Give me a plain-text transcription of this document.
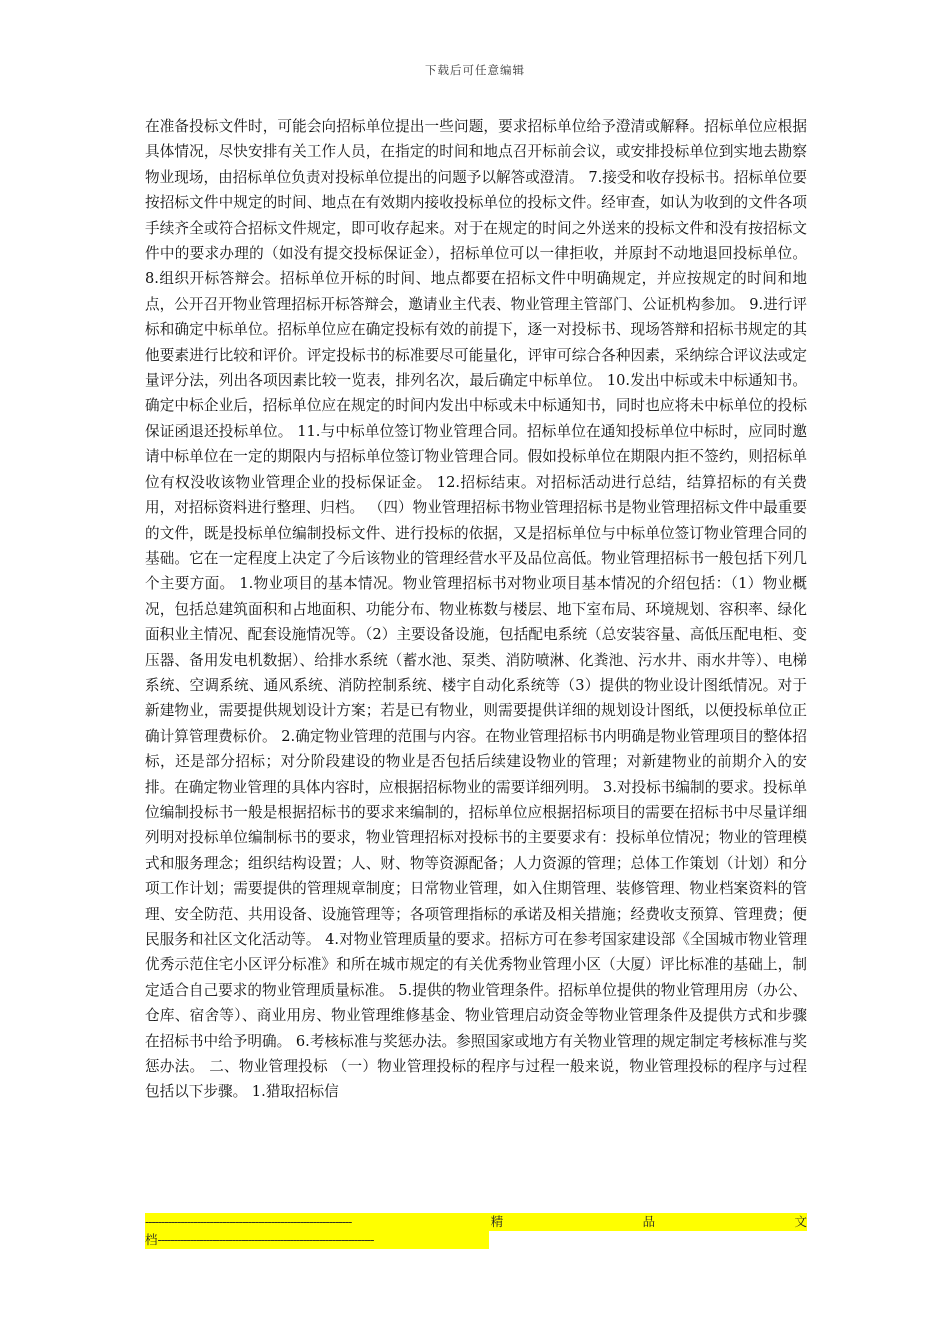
下载后可任意编辑
在准备投标文件时，可能会向招标单位提出一些问题，要求招标单位给予澄清或解释。招标单位应根据具体情况，尽快安排有关工作人员，在指定的时间和地点召开标前会议，或安排投标单位到实地去勘察物业现场，由招标单位负责对投标单位提出的问题予以解答或澄清。 7.接受和收存投标书。招标单位要按招标文件中规定的时间、地点在有效期内接收投标单位的投标文件。经审查，如认为收到的文件各项手续齐全或符合招标文件规定，即可收存起来。对于在规定的时间之外送来的投标文件和没有按招标文件中的要求办理的（如没有提交投标保证金），招标单位可以一律拒收，并原封不动地退回投标单位。 8.组织开标答辩会。招标单位开标的时间、地点都要在招标文件中明确规定，并应按规定的时间和地点，公开召开物业管理招标开标答辩会，邀请业主代表、物业管理主管部门、公证机构参加。 9.进行评标和确定中标单位。招标单位应在确定投标有效的前提下，逐一对投标书、现场答辩和招标书规定的其他要素进行比较和评价。评定投标书的标准要尽可能量化，评审可综合各种因素，采纳综合评议法或定量评分法，列出各项因素比较一览表，排列名次，最后确定中标单位。 10.发出中标或未中标通知书。确定中标企业后，招标单位应在规定的时间内发出中标或未中标通知书，同时也应将未中标单位的投标保证函退还投标单位。 11.与中标单位签订物业管理合同。招标单位在通知投标单位中标时，应同时邀请中标单位在一定的期限内与招标单位签订物业管理合同。假如投标单位在期限内拒不签约，则招标单位有权没收该物业管理企业的投标保证金。 12.招标结束。对招标活动进行总结，结算招标的有关费用，对招标资料进行整理、归档。 （四）物业管理招标书物业管理招标书是物业管理招标文件中最重要的文件，既是投标单位编制投标文件、进行投标的依据，又是招标单位与中标单位签订物业管理合同的基础。它在一定程度上决定了今后该物业的管理经营水平及品位高低。物业管理招标书一般包括下列几个主要方面。 1.物业项目的基本情况。物业管理招标书对物业项目基本情况的介绍包括：（1）物业概况，包括总建筑面积和占地面积、功能分布、物业栋数与楼层、地下室布局、环境规划、容积率、绿化面积业主情况、配套设施情况等。（2）主要设备设施，包括配电系统（总安装容量、高低压配电柜、变压器、备用发电机数据）、给排水系统（蓄水池、泵类、消防喷淋、化粪池、污水井、雨水井等）、电梯系统、空调系统、通风系统、消防控制系统、楼宇自动化系统等（3）提供的物业设计图纸情况。对于新建物业，需要提供规划设计方案；若是已有物业，则需要提供详细的规划设计图纸，以便投标单位正确计算管理费标价。 2.确定物业管理的范围与内容。在物业管理招标书内明确是物业管理项目的整体招标，还是部分招标；对分阶段建设的物业是否包括后续建设物业的管理；对新建物业的前期介入的安排。在确定物业管理的具体内容时，应根据招标物业的需要详细列明。 3.对投标书编制的要求。投标单位编制投标书一般是根据招标书的要求来编制的，招标单位应根据招标项目的需要在招标书中尽量详细列明对投标单位编制标书的要求，物业管理招标对投标书的主要要求有：投标单位情况；物业的管理模式和服务理念；组织结构设置；人、财、物等资源配备；人力资源的管理；总体工作策划（计划）和分项工作计划；需要提供的管理规章制度；日常物业管理，如入住期管理、装修管理、物业档案资料的管理、安全防范、共用设备、设施管理等；各项管理指标的承诺及相关措施；经费收支预算、管理费；便民服务和社区文化活动等。 4.对物业管理质量的要求。招标方可在参考国家建设部《全国城市物业管理优秀示范住宅小区评分标准》和所在城市规定的有关优秀物业管理小区（大厦）评比标准的基础上，制定适合自己要求的物业管理质量标准。 5.提供的物业管理条件。招标单位提供的物业管理用房（办公、仓库、宿舍等）、商业用房、物业管理维修基金、物业管理启动资金等物业管理条件及提供方式和步骤在招标书中给予明确。 6.考核标准与奖惩办法。参照国家或地方有关物业管理的规定制定考核标准与奖惩办法。 二、物业管理投标 （一）物业管理投标的程序与过程一般来说，物业管理投标的程序与过程包括以下步骤。 1.猎取招标信
----------------------------------------------------------------	精	品	文
档-------------------------------------------------------------------
